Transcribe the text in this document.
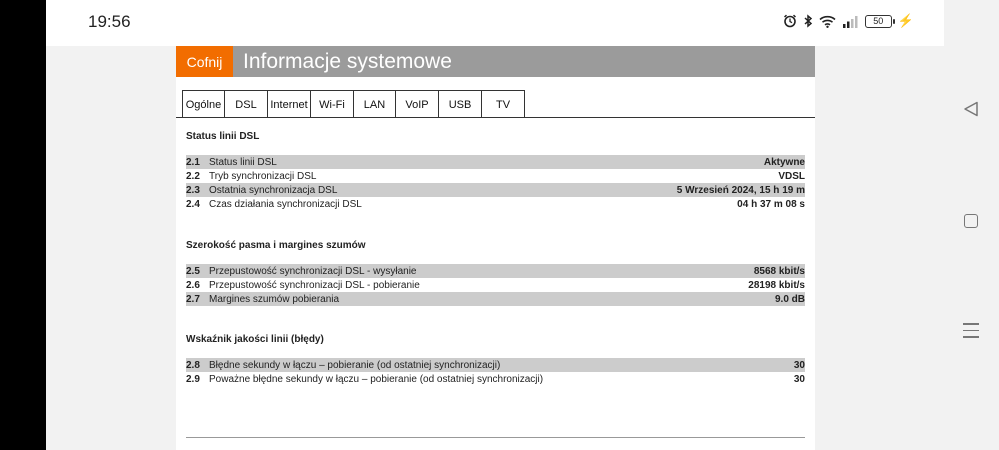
19:56	50	⚡
Cofnij Informacje systemowe
Ogólne	DSL	Internet	Wi-Fi	LAN	VoIP	USB	TV
Status linii DSL
2.1 Status linii DSL	Aktywne
2.2 Tryb synchronizacji DSL	VDSL
2.3 Ostatnia synchronizacja DSL	5 Wrzesień 2024, 15 h 19 m
2.4 Czas działania synchronizacji DSL	04 h 37 m 08 s
Szerokość pasma i margines szumów
2.5 Przepustowość synchronizacji DSL - wysyłanie	8568 kbit/s
2.6 Przepustowość synchronizacji DSL - pobieranie	28198 kbit/s
2.7 Margines szumów pobierania	9.0 dB
Wskaźnik jakości linii (błędy)
2.8 Błędne sekundy w łączu – pobieranie (od ostatniej synchronizacji)	30
2.9 Poważne błędne sekundy w łączu – pobieranie (od ostatniej synchronizacji)	30
